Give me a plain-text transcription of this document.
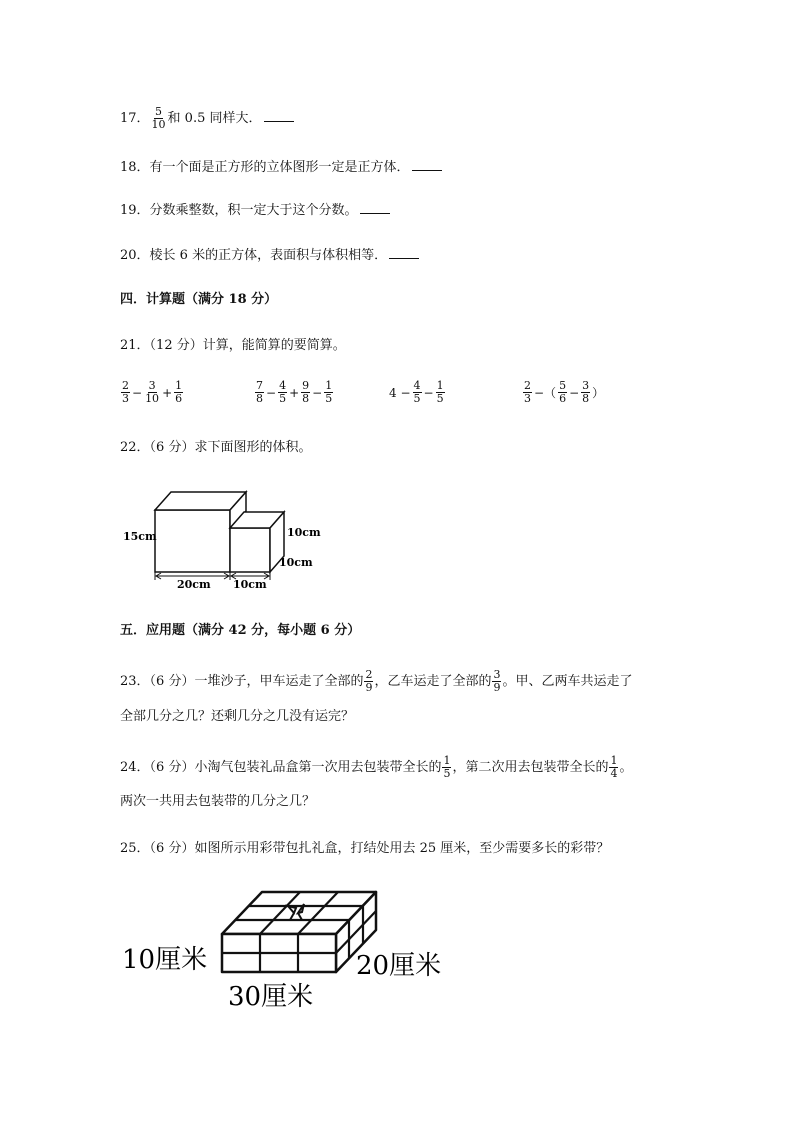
17． $\frac{5}{10}$ 和 0.5 同样大．
18．有一个面是正方形的立体图形一定是正方体．
19．分数乘整数，积一定大于这个分数。
20．棱长 6 米的正方体，表面积与体积相等．
四．计算题（满分 18 分）
21．（12 分）计算，能简算的要简算。
$\frac{2}{3} - \frac{3}{10} + \frac{1}{6}$	$\frac{7}{8} - \frac{4}{5} + \frac{9}{8} - \frac{1}{5}$	$4 - \frac{4}{5} - \frac{1}{5}$	$\frac{2}{3}$ −（ $\frac{5}{6} - \frac{3}{8}$ ）
22．（6 分）求下面图形的体积。
15cm	10cm
10cm
20cm 10cm
五．应用题（满分 42 分，每小题 6 分）
23．（6 分）一堆沙子，甲车运走了全部的 $\frac{2}{9}$ ，乙车运走了全部的 $\frac{3}{9}$ 。甲、乙两车共运走了
全部几分之几？还剩几分之几没有运完？
24．（6 分）小淘气包装礼品盒第一次用去包装带全长的 $\frac{1}{5}$ ，第二次用去包装带全长的 $\frac{1}{4}$ 。
两次一共用去包装带的几分之几？
25．（6 分）如图所示用彩带包扎礼盒，打结处用去 25 厘米，至少需要多长的彩带？
10厘米	20厘米
30厘米
